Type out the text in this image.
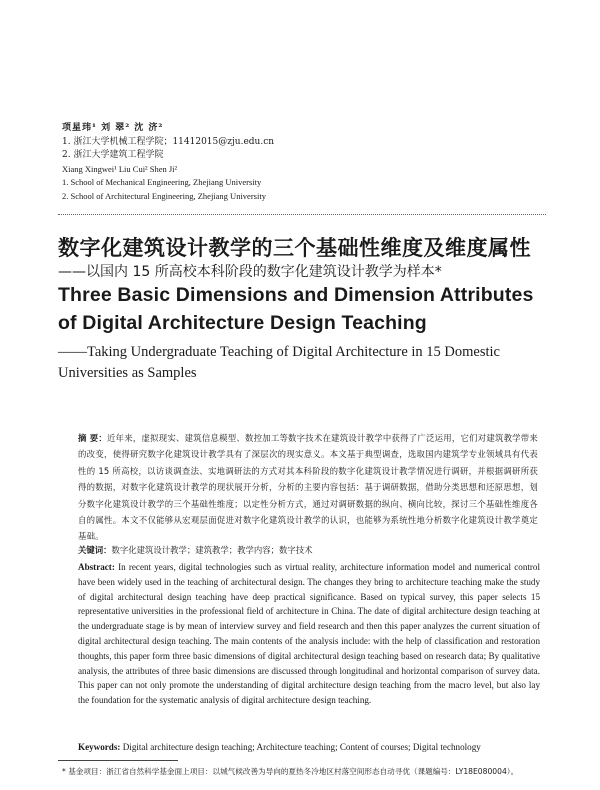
项星玮¹ 刘 翠² 沈 济²
1. 浙江大学机械工程学院；11412015@zju.edu.cn
2. 浙江大学建筑工程学院
Xiang Xingwei¹ Liu Cui² Shen Ji²
1. School of Mechanical Engineering, Zhejiang University
2. School of Architectural Engineering, Zhejiang University
数字化建筑设计教学的三个基础性维度及维度属性
——以国内 15 所高校本科阶段的数字化建筑设计教学为样本*
Three Basic Dimensions and Dimension Attributes of Digital Architecture Design Teaching
——Taking Undergraduate Teaching of Digital Architecture in 15 Domestic Universities as Samples
摘 要：近年来，虚拟现实、建筑信息模型、数控加工等数字技术在建筑设计教学中获得了广泛运用，它们对建筑教学带来的改变，使得研究数字化建筑设计教学具有了深层次的现实意义。本文基于典型调查，选取国内建筑学专业领域具有代表性的 15 所高校，以访谈调查法、实地调研法的方式对其本科阶段的数字化建筑设计教学情况进行调研，并根据调研所获得的数据，对数字化建筑设计教学的现状展开分析，分析的主要内容包括：基于调研数据，借助分类思想和还原思想，划分数字化建筑设计教学的三个基础性维度；以定性分析方式，通过对调研数据的纵向、横向比较，探讨三个基础性维度各自的属性。本文不仅能够从宏观层面促进对数字化建筑设计教学的认识，也能够为系统性地分析数字化建筑设计教学奠定基础。
关键词：数字化建筑设计教学；建筑教学；教学内容；数字技术
Abstract: In recent years, digital technologies such as virtual reality, architecture information model and numerical control have been widely used in the teaching of architectural design. The changes they bring to architecture teaching make the study of digital architectural design teaching have deep practical significance. Based on typical survey, this paper selects 15 representative universities in the professional field of architecture in China. The date of digital architecture design teaching at the undergraduate stage is by mean of interview survey and field research and then this paper analyzes the current situation of digital architectural design teaching. The main contents of the analysis include: with the help of classification and restoration thoughts, this paper form three basic dimensions of digital architectural design teaching based on research data; By qualitative analysis, the attributes of three basic dimensions are discussed through longitudinal and horizontal comparison of survey data. This paper can not only promote the understanding of digital architecture design teaching from the macro level, but also lay the foundation for the systematic analysis of digital architecture design teaching.
Keywords: Digital architecture design teaching; Architecture teaching; Content of courses; Digital technology
* 基金项目：浙江省自然科学基金面上项目：以城气候改善为导向的夏热冬冷地区村落空间形态自动寻优（课题编号：LY18E080004）。
